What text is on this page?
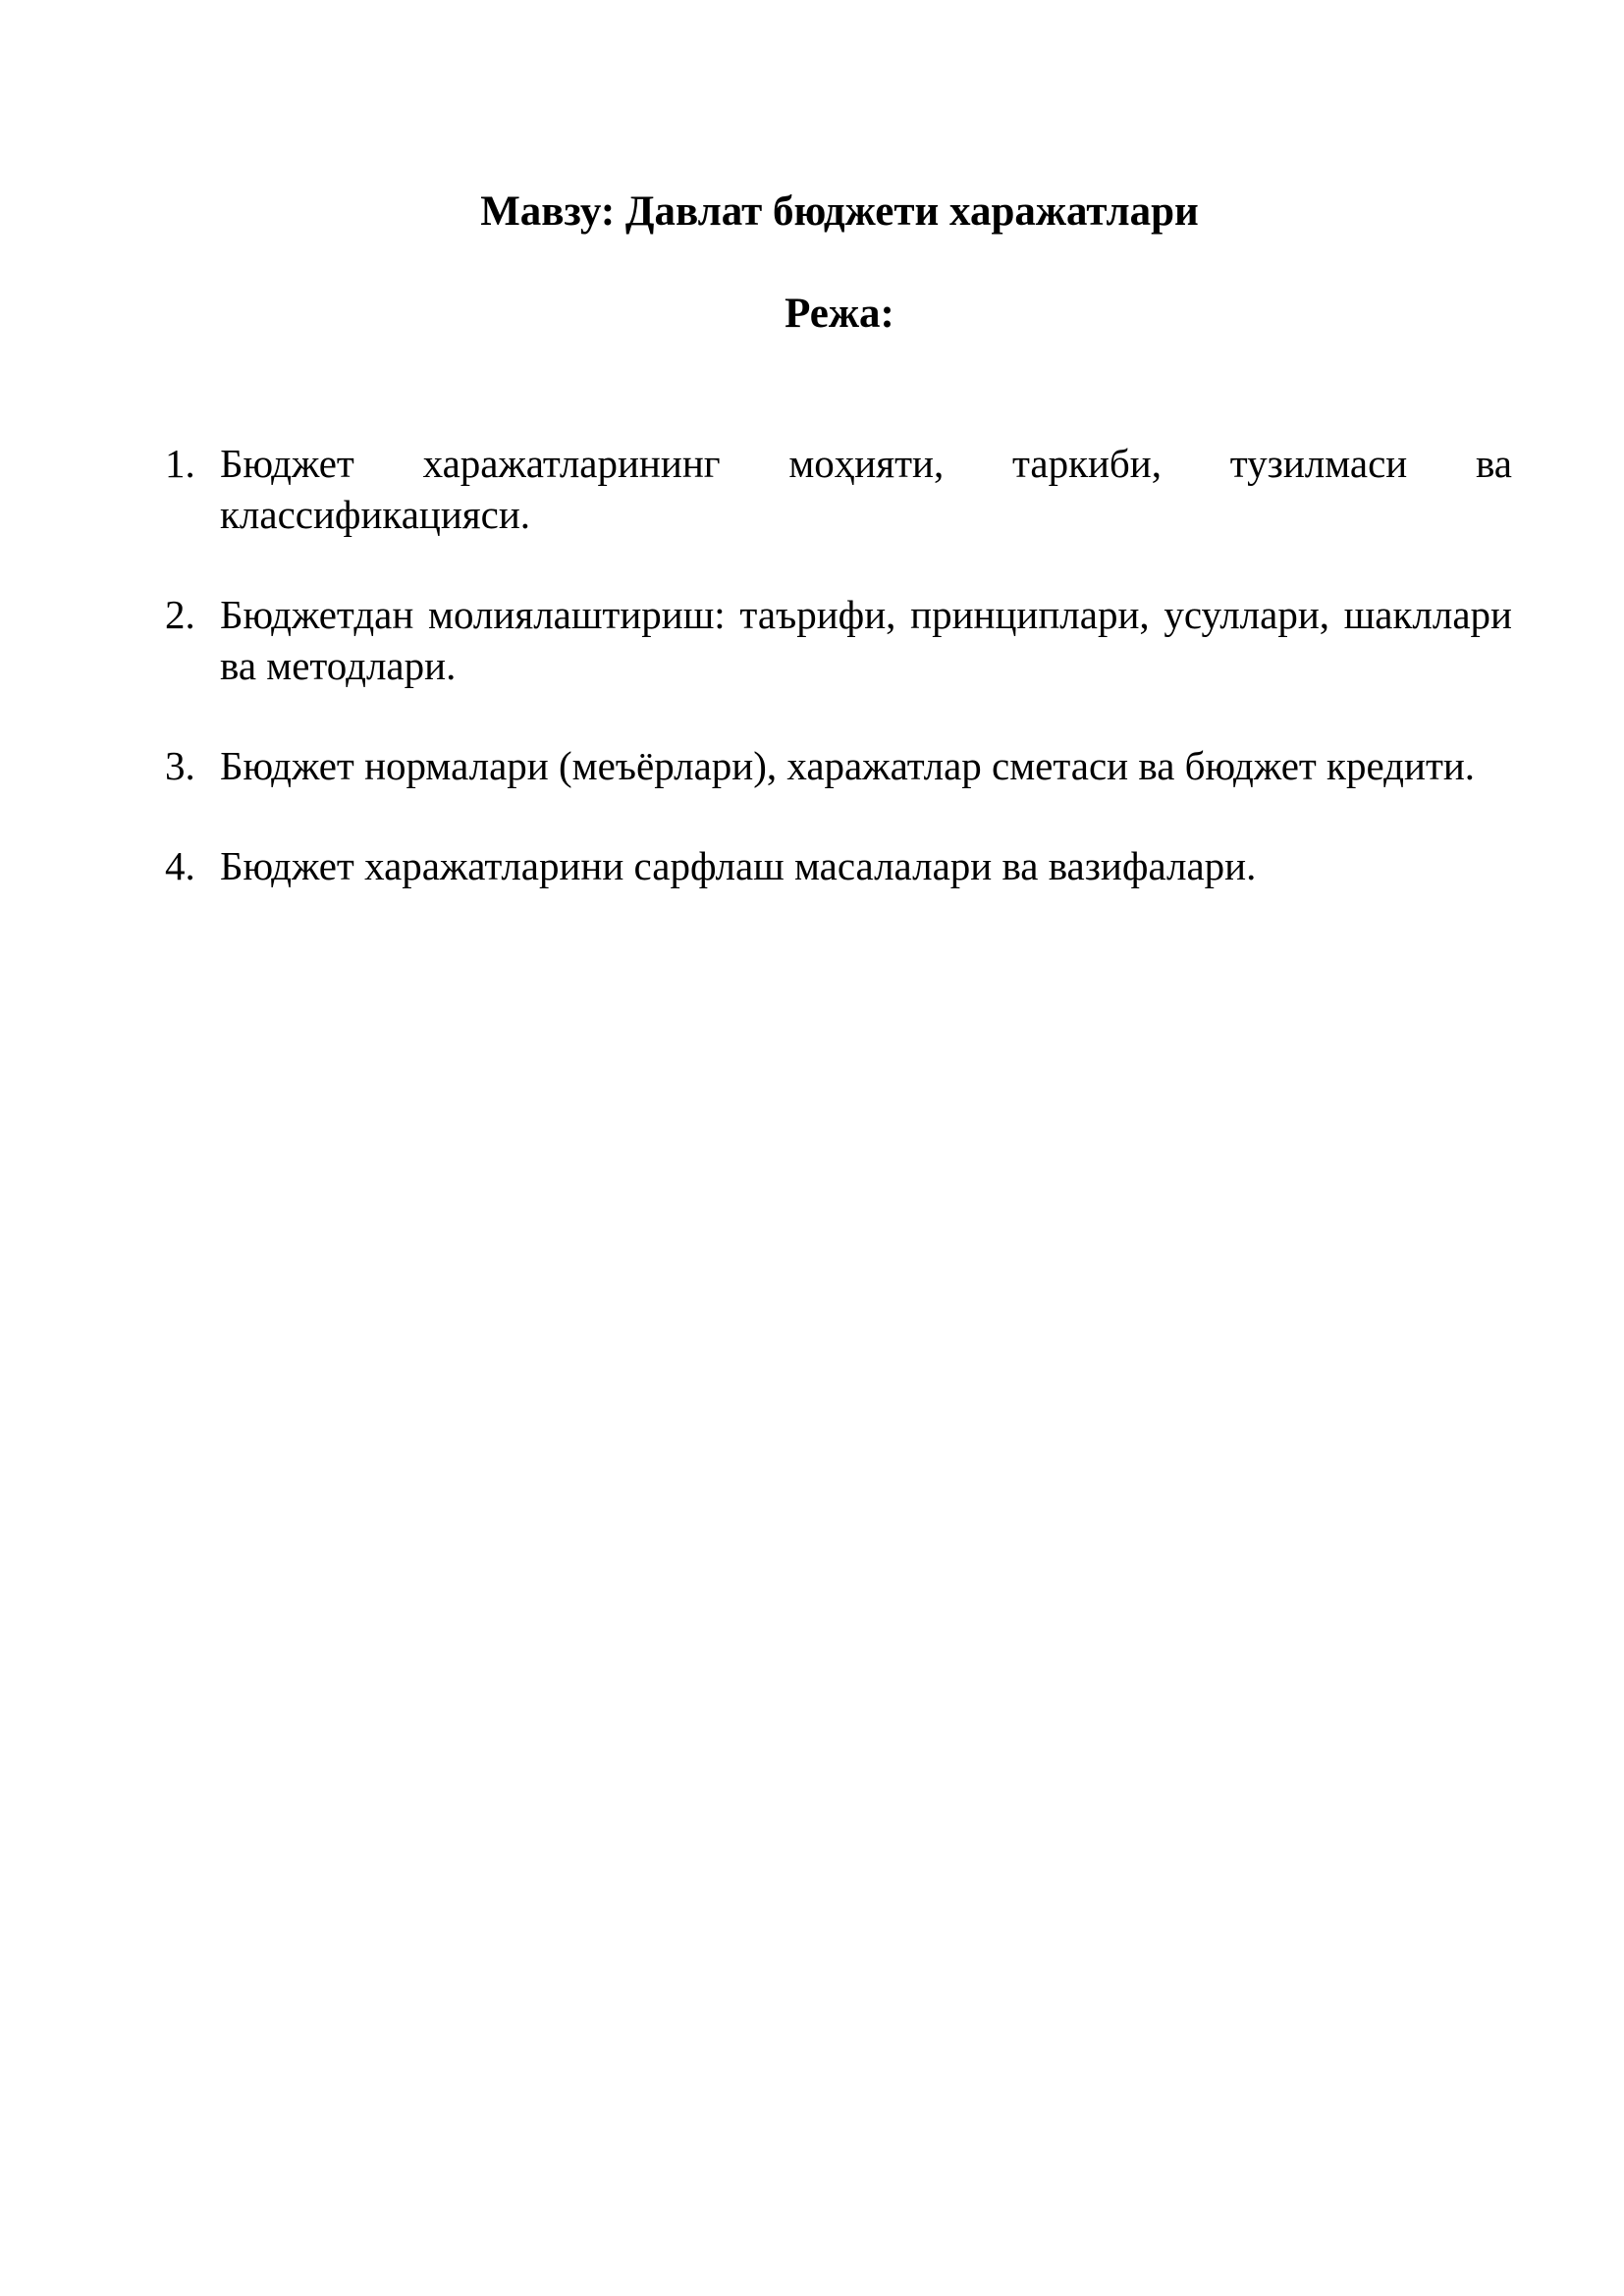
Мавзу: Давлат бюджети харажатлари
Режа:
1. Бюджет харажатларининг моҳияти, таркиби, тузилмаси ва классификацияси.
2. Бюджетдан молиялаштириш: таърифи, принциплари, усуллари, шакллари ва методлари.
3. Бюджет нормалари (меъёрлари), харажатлар сметаси ва бюджет кредити.
4. Бюджет харажатларини сарфлаш масалалари ва вазифалари.
